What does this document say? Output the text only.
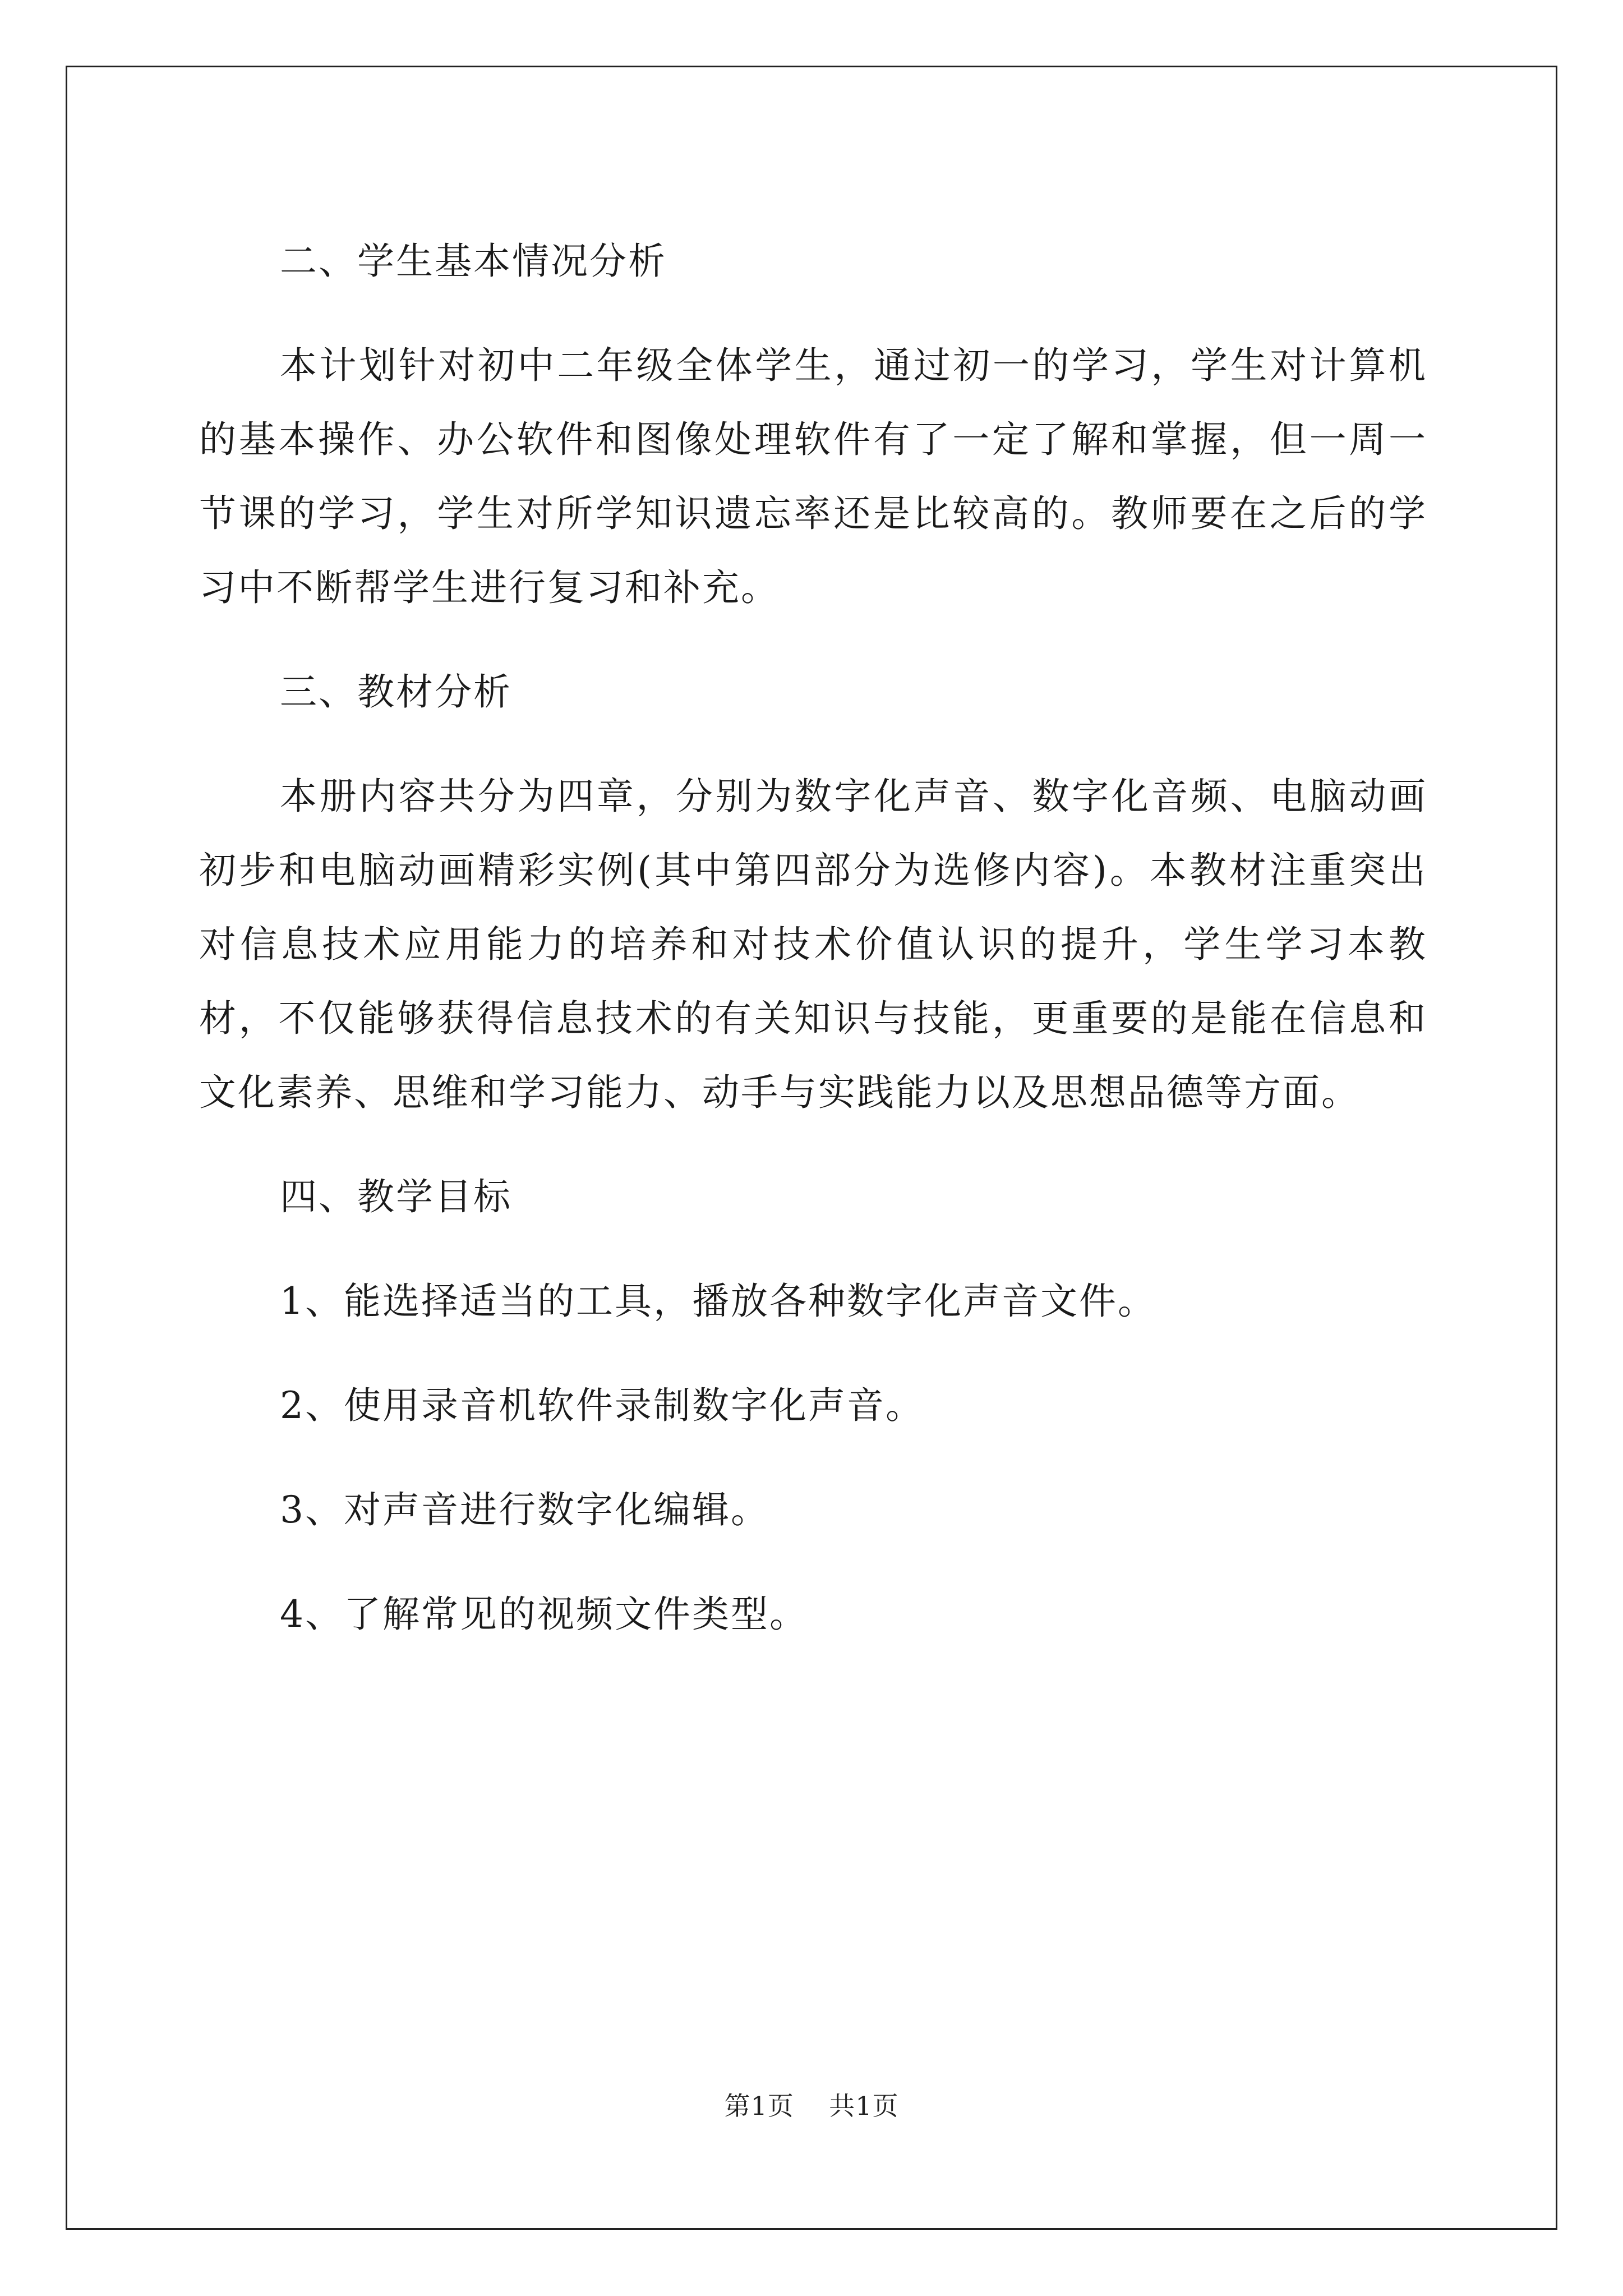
二、学生基本情况分析

本计划针对初中二年级全体学生，通过初一的学习，学生对计算机的基本操作、办公软件和图像处理软件有了一定了解和掌握，但一周一节课的学习，学生对所学知识遗忘率还是比较高的。教师要在之后的学习中不断帮学生进行复习和补充。

三、教材分析

本册内容共分为四章，分别为数字化声音、数字化音频、电脑动画初步和电脑动画精彩实例(其中第四部分为选修内容)。本教材注重突出对信息技术应用能力的培养和对技术价值认识的提升，学生学习本教材，不仅能够获得信息技术的有关知识与技能，更重要的是能在信息和文化素养、思维和学习能力、动手与实践能力以及思想品德等方面。

四、教学目标

1、能选择适当的工具，播放各种数字化声音文件。

2、使用录音机软件录制数字化声音。

3、对声音进行数字化编辑。

4、了解常见的视频文件类型。

第1页 共1页
